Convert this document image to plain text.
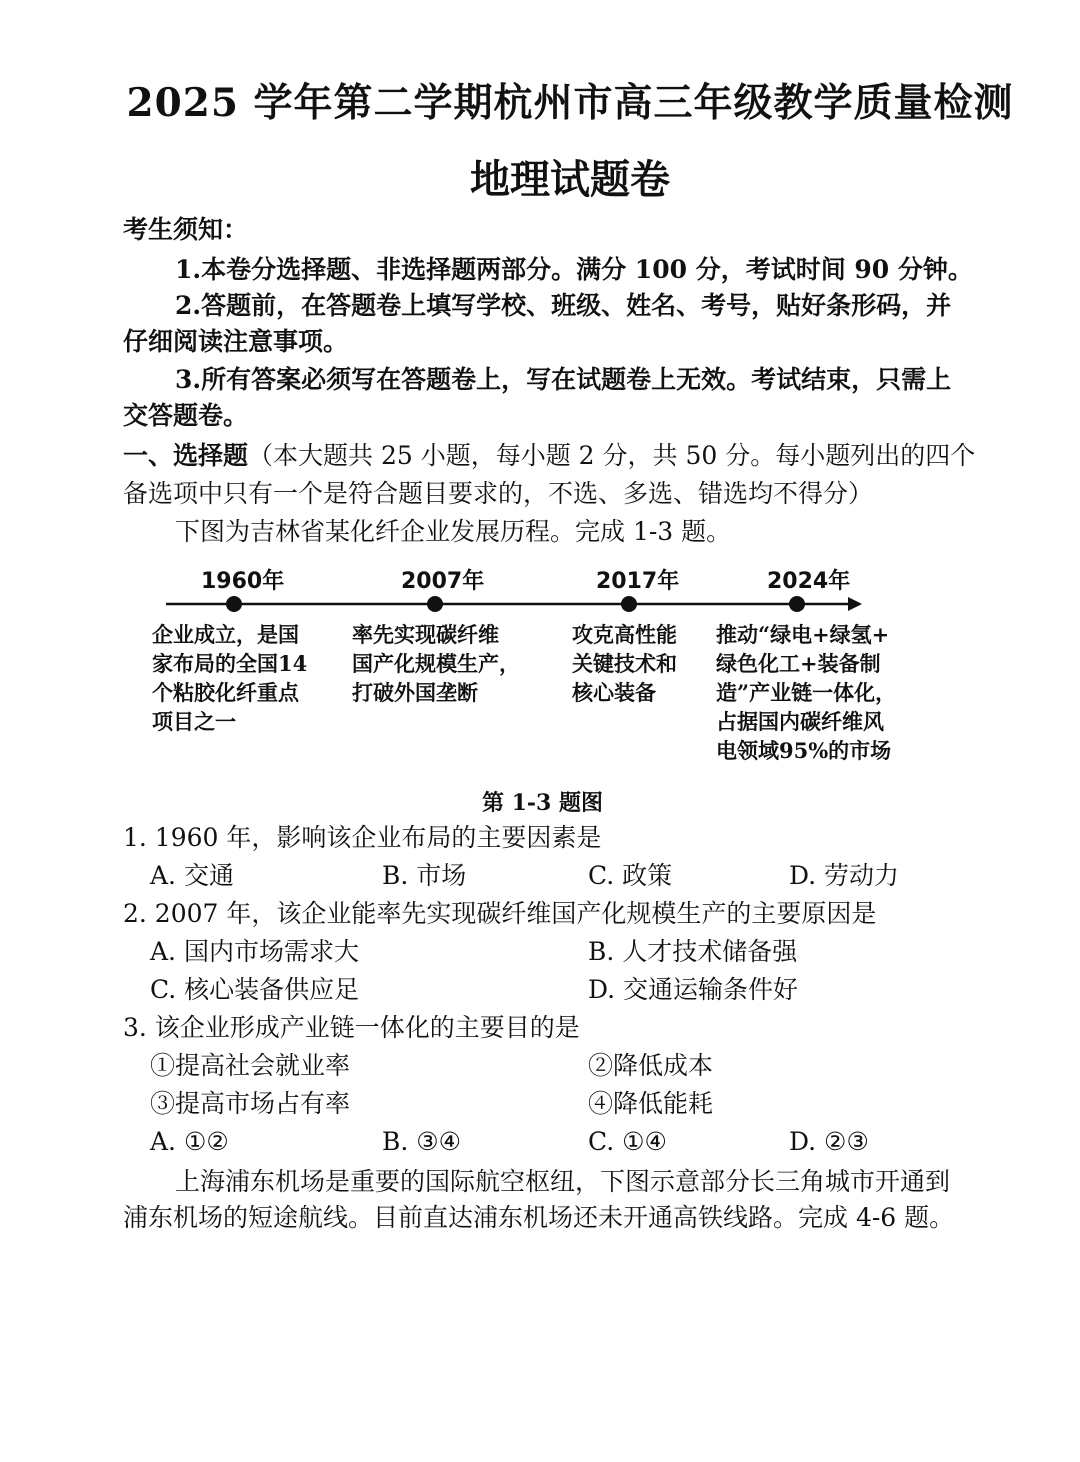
2025 学年第二学期杭州市高三年级教学质量检测
地理试题卷
考生须知：
1.本卷分选择题、非选择题两部分。满分 100 分，考试时间 90 分钟。
2.答题前，在答题卷上填写学校、班级、姓名、考号，贴好条形码，并
仔细阅读注意事项。
3.所有答案必须写在答题卷上，写在试题卷上无效。考试结束，只需上
交答题卷。
一、选择题（本大题共 25 小题，每小题 2 分，共 50 分。每小题列出的四个
备选项中只有一个是符合题目要求的，不选、多选、错选均不得分）
下图为吉林省某化纤企业发展历程。完成 1-3 题。
1960年	2007年	2017年	2024年
企业成立，是国
家布局的全国14
个粘胶化纤重点
项目之一
率先实现碳纤维
国产化规模生产，
打破外国垄断
攻克高性能
关键技术和
核心装备
推动“绿电+绿氢+
绿色化工+装备制
造”产业链一体化，
占据国内碳纤维风
电领域95%的市场
第 1-3 题图
1. 1960 年，影响该企业布局的主要因素是
A. 交通	B. 市场	C. 政策	D. 劳动力
2. 2007 年，该企业能率先实现碳纤维国产化规模生产的主要原因是
A. 国内市场需求大	B. 人才技术储备强
C. 核心装备供应足	D. 交通运输条件好
3. 该企业形成产业链一体化的主要目的是
①提高社会就业率	②降低成本
③提高市场占有率	④降低能耗
A. ①②	B. ③④	C. ①④	D. ②③
上海浦东机场是重要的国际航空枢纽，下图示意部分长三角城市开通到
浦东机场的短途航线。目前直达浦东机场还未开通高铁线路。完成 4-6 题。
